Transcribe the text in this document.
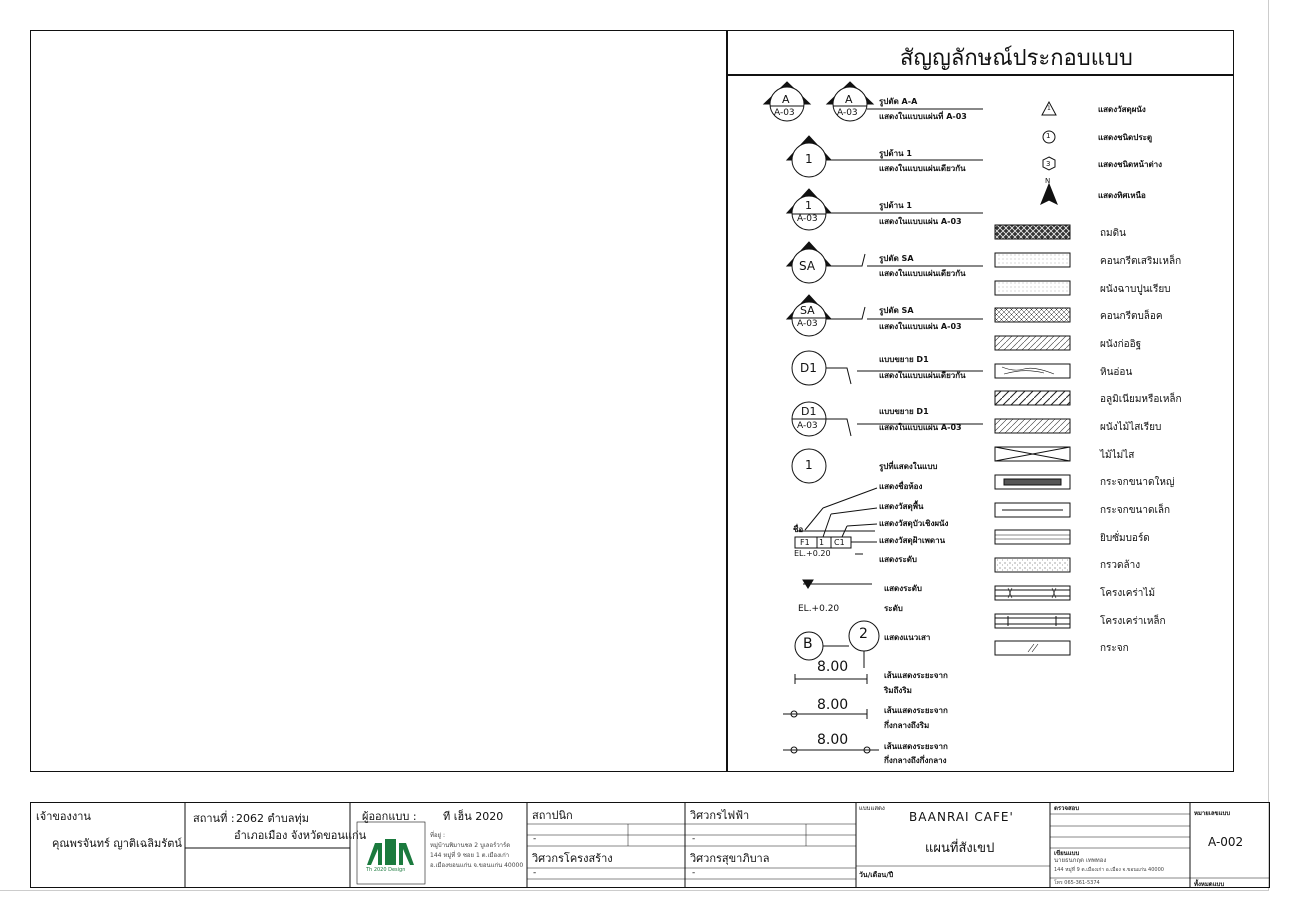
สัญญลักษณ์ประกอบแบบ
A
A-03
A
A-03
1
1
A-03
SA
SA
A-03
D1
D1
A-03
1
รูปตัด A-A
แสดงในแบบแผ่นที่ A-03
รูปด้าน 1
แสดงในแบบแผ่นเดียวกัน
รูปด้าน 1
แสดงในแบบแผ่น A-03
รูปตัด SA
แสดงในแบบแผ่นเดียวกัน
รูปตัด SA
แสดงในแบบแผ่น A-03
แบบขยาย D1
แสดงในแบบแผ่นเดียวกัน
แบบขยาย D1
แสดงในแบบแผ่น A-03
รูปที่แสดงในแบบ
แสดงชื่อห้อง
แสดงวัสดุพื้น
แสดงวัสดุบัวเชิงผนัง
แสดงวัสดุฝ้าเพดาน
แสดงระดับ
ชื่อ
F1 1 C1
EL.+0.20
แสดงระดับ
EL.+0.20	ระดับ
B
2 แสดงแนวเสา
8.00
เส้นแสดงระยะจาก
ริมถึงริม
8.00	เส้นแสดงระยะจาก
กึ่งกลางถึงริม
8.00	เส้นแสดงระยะจาก
กึ่งกลางถึงกึ่งกลาง
1
1
3
N
แสดงวัสดุผนัง
แสดงชนิดประตู
แสดงชนิดหน้าต่าง
แสดงทิศเหนือ
ถมดิน
คอนกรีตเสริมเหล็ก
ผนังฉาบปูนเรียบ
คอนกรีตบล็อค
ผนังก่ออิฐ
หินอ่อน
อลูมิเนียมหรือเหล็ก
ผนังไม้ไสเรียบ
ไม้ไม่ไส
กระจกขนาดใหญ่
กระจกขนาดเล็ก
ยิบซั่มบอร์ด
กรวดล้าง
โครงเคร่าไม้
โครงเคร่าเหล็ก
กระจก
เจ้าของงาน
คุณพรจันทร์ ญาติเฉลิมรัตน์
สถานที่ : 2062 ตำบลทุ่ม
อำเภอเมือง จังหวัดขอนแก่น
ผู้ออกแบบ : ที เฮ็น 2020
Th 2020 Design
ที่อยู่ :
หมู่บ้านพิมานชล 2 บูเลอร์วาร์ด
144 หมู่ที่ 9 ซอย 1 ต.เมืองเก่า
อ.เมืองขอนแก่น จ.ขอนแก่น 40000
สถาปนิก	วิศวกรไฟฟ้า
-	-
วิศวกรโครงสร้าง	วิศวกรสุขาภิบาล
-	-
แบบแสดง
BAANRAI CAFE'
แผนที่สังเขป
วัน/เดือน/ปี
ตรวจสอบ
เขียนแบบ
นายธนกฤต เทพทอง
144 หมู่ที่ 9 ต.เมืองเก่า อ.เมือง จ.ขอนแก่น 40000
โทร 065-361-5374
หมายเลขแบบ
A-002
ทั้งหมดแบบ
